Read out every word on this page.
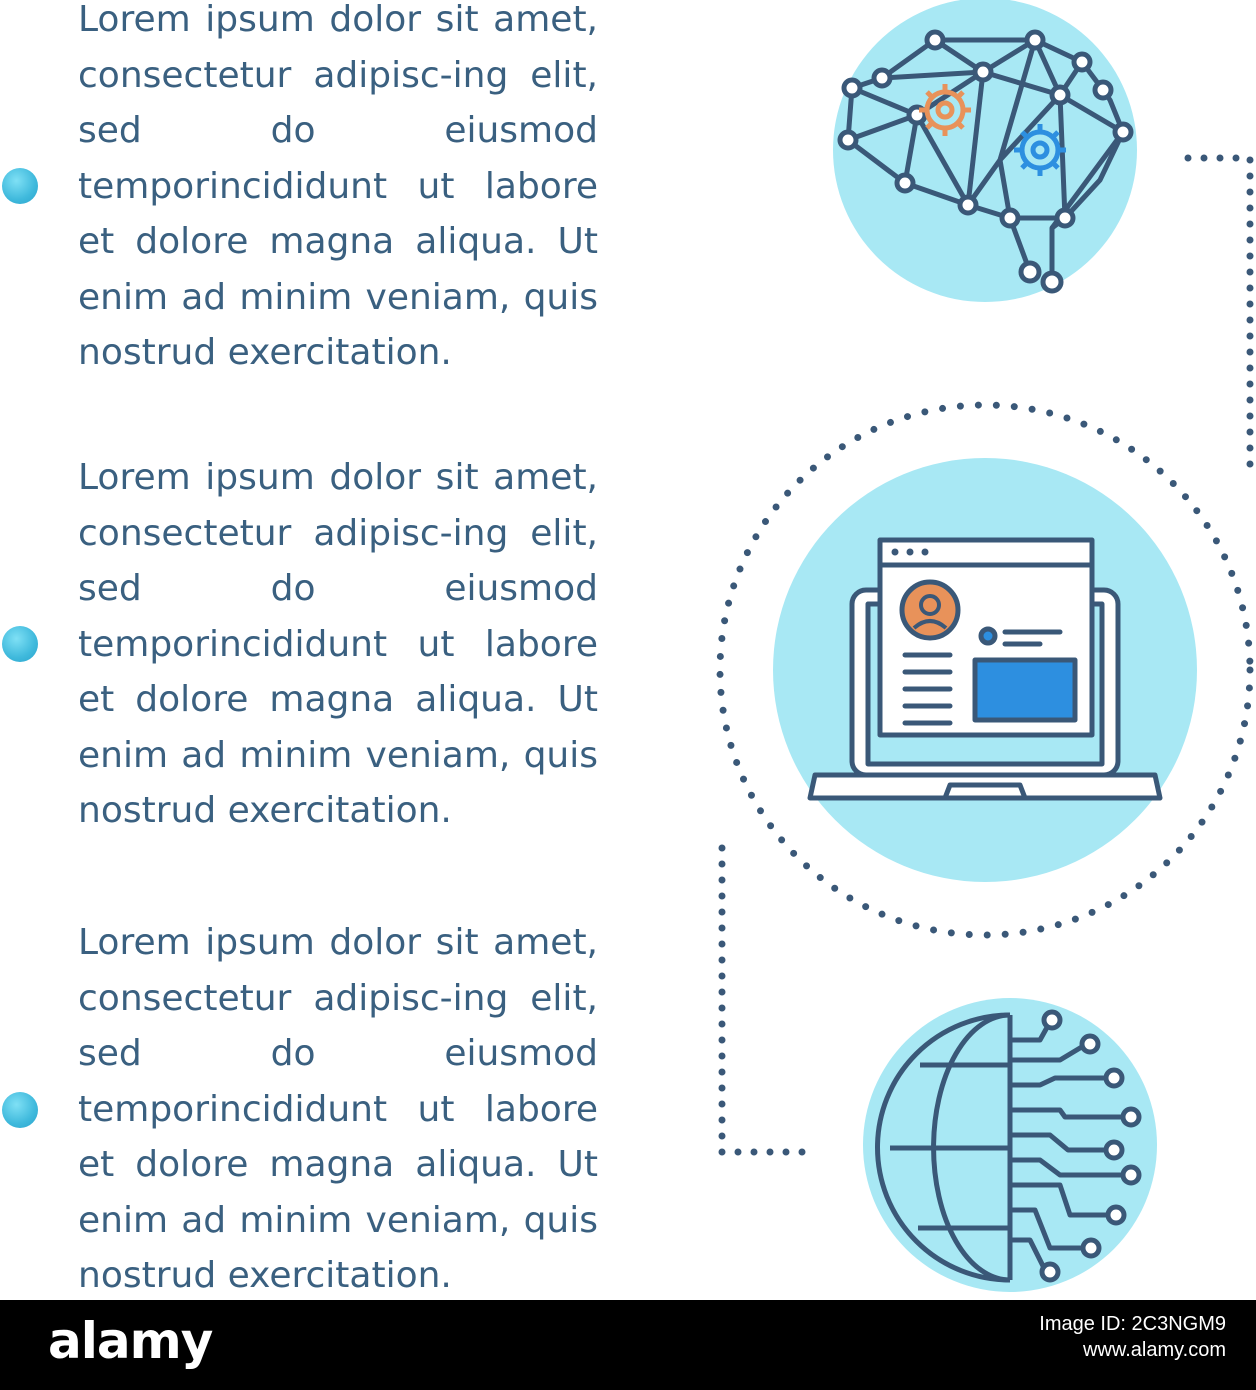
Lorem ipsum dolor sit amet, consectetur adipisc-ing elit, sed do eiusmod temporincididunt ut labore et dolore magna aliqua. Ut enim ad minim veniam, quis nostrud exercitation.

Lorem ipsum dolor sit amet, consectetur adipisc-ing elit, sed do eiusmod temporincididunt ut labore et dolore magna aliqua. Ut enim ad minim veniam, quis nostrud exercitation.

Lorem ipsum dolor sit amet, consectetur adipisc-ing elit, sed do eiusmod temporincididunt ut labore et dolore magna aliqua. Ut enim ad minim veniam, quis nostrud exercitation.

alamy	Image ID: 2C3NGM9
www.alamy.com
